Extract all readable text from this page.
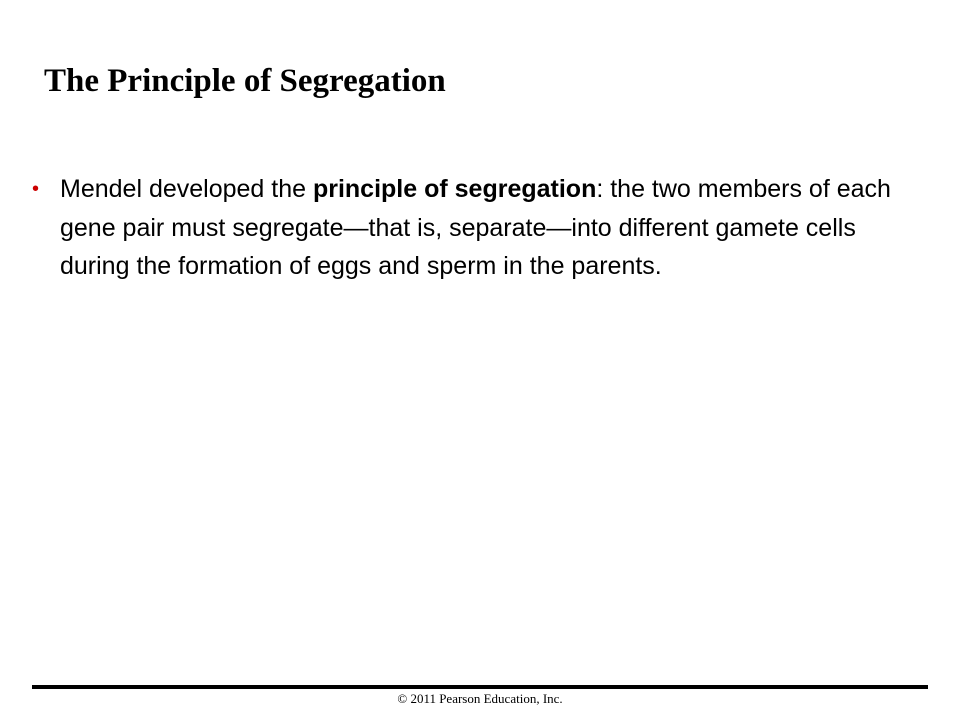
The Principle of Segregation
• Mendel developed the principle of segregation: the two members of each gene pair must segregate—that is, separate—into different gamete cells during the formation of eggs and sperm in the parents.
© 2011 Pearson Education, Inc.
